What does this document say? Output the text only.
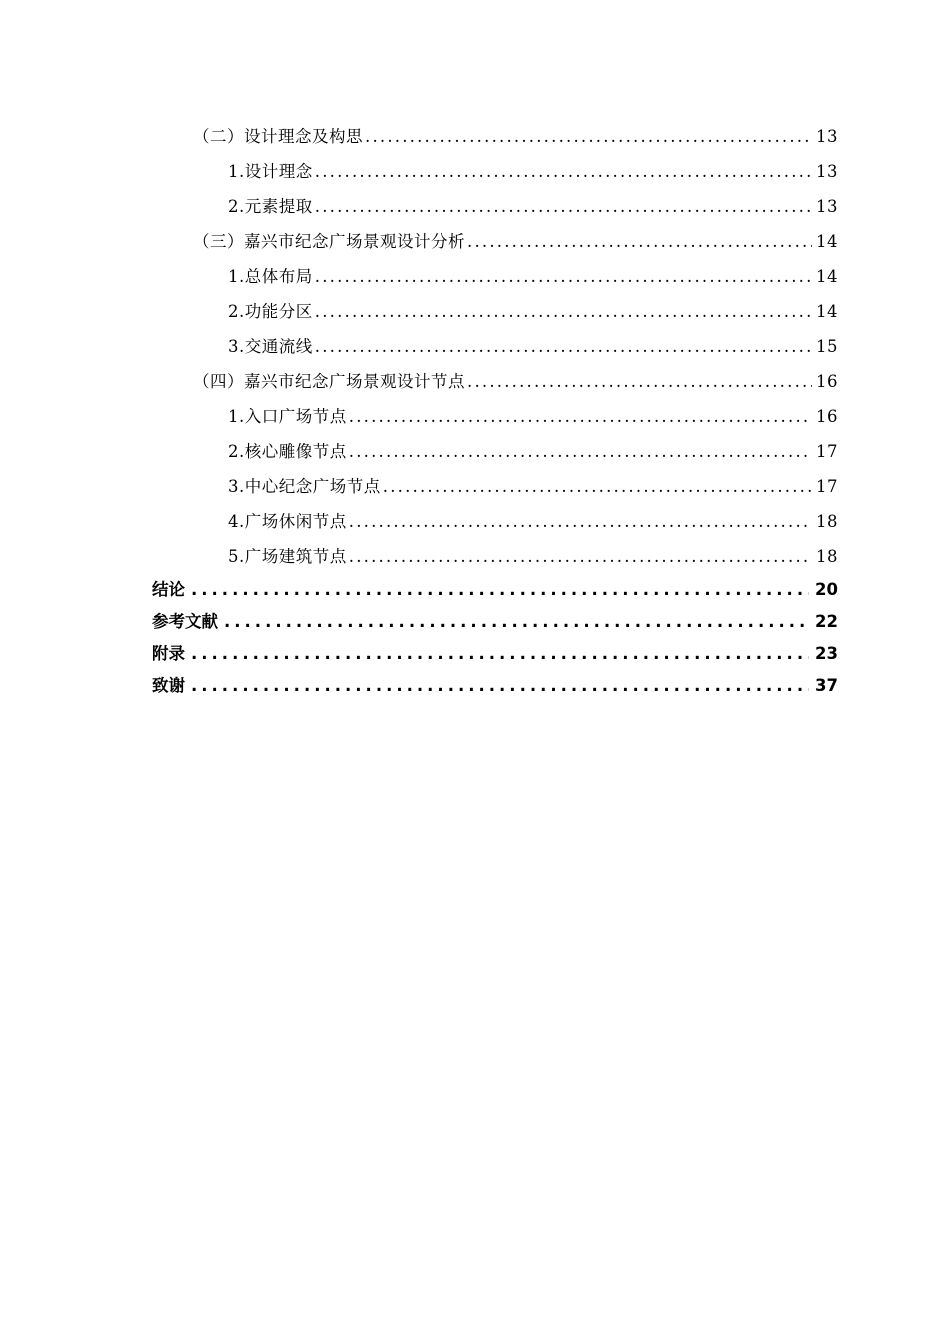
（二）设计理念及构思 .....	13
1.设计理念 .....	13
2.元素提取 .....	13
（三）嘉兴市纪念广场景观设计分析 .....	14
1.总体布局 .....	14
2.功能分区 .....	14
3.交通流线 .....	15
（四）嘉兴市纪念广场景观设计节点 .....	16
1.入口广场节点 .....	16
2.核心雕像节点 .....	17
3.中心纪念广场节点 .....	17
4.广场休闲节点 .....	18
5.广场建筑节点 .....	18
结论 .....	20
参考文献 .....	22
附录 .....	23
致谢 .....	37
